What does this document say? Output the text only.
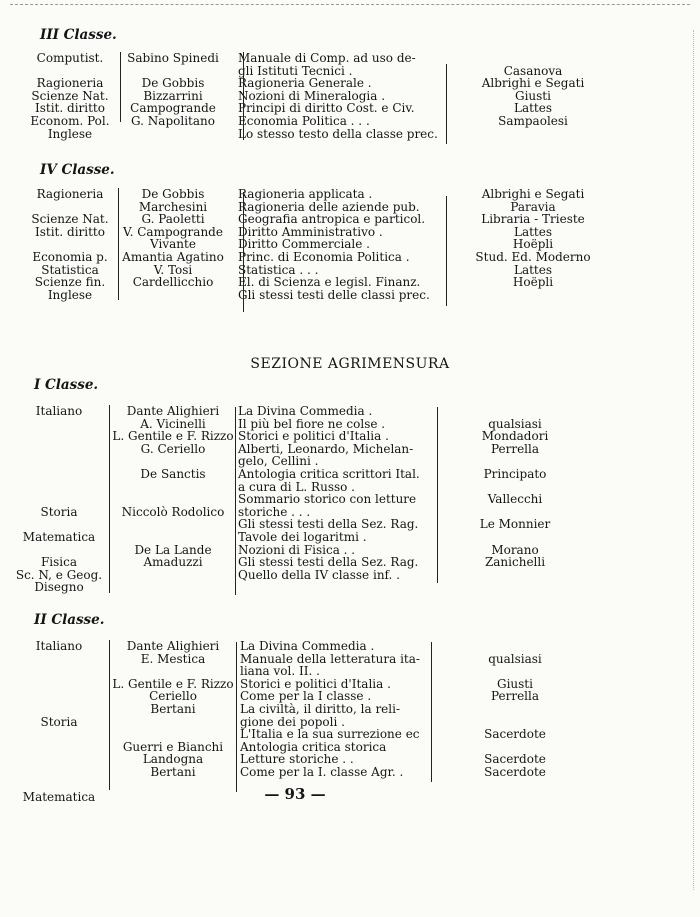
III Classe.
Computist.
Ragioneria
Scienze Nat.
Istit. diritto
Econom. Pol.
Inglese
Sabino Spinedi
De Gobbis
Bizzarrini
Campogrande
G. Napolitano
Manuale di Comp. ad uso de-
gli Istituti Tecnici .
Ragioneria Generale .
Nozioni di Mineralogia .
Principi di diritto Cost. e Civ.
Economia Politica . . .
Lo stesso testo della classe prec.
Casanova
Albrighi e Segati
Giusti
Lattes
Sampaolesi
IV Classe.
Ragioneria
Scienze Nat.
Istit. diritto
Economia p.
Statistica
Scienze fin.
Inglese
De Gobbis
Marchesini
G. Paoletti
V. Campogrande
Vivante
Amantia Agatino
V. Tosi
Cardellicchio
Ragioneria applicata .
Ragioneria delle aziende pub.
Geografia antropica e particol.
Diritto Amministrativo .
Diritto Commerciale .
Princ. di Economia Politica .
Statistica . . .
El. di Scienza e legisl. Finanz.
Gli stessi testi delle classi prec.
Albrighi e Segati
Paravia
Libraria - Trieste
Lattes
Hoëpli
Stud. Ed. Moderno
Lattes
Hoëpli
SEZIONE AGRIMENSURA
I Classe.
Italiano
Storia
Matematica
Fisica
Sc. N, e Geog.
Disegno
Dante Alighieri
A. Vicinelli
L. Gentile e F. Rizzo
G. Ceriello
De Sanctis
Niccolò Rodolico
De La Lande
Amaduzzi
La Divina Commedia .
Il più bel fiore ne colse .
Storici e politici d'Italia .
Alberti, Leonardo, Michelan-
gelo, Cellini .
Antologia critica scrittori Ital.
a cura di L. Russo .
Sommario storico con letture
storiche . . .
Gli stessi testi della Sez. Rag.
Tavole dei logaritmi .
Nozioni di Fisica . .
Gli stessi testi della Sez. Rag.
Quello della IV classe inf. .
qualsiasi
Mondadori
Perrella
Principato
Vallecchi
Le Monnier
Morano
Zanichelli
II Classe.
Italiano
Storia
Matematica
Dante Alighieri
E. Mestica
L. Gentile e F. Rizzo
Ceriello
Bertani
Guerri e Bianchi
Landogna
Bertani
La Divina Commedia .
Manuale della letteratura ita-
liana vol. II. .
Storici e politici d'Italia .
Come per la I classe .
La civiltà, il diritto, la reli-
gione dei popoli .
L'Italia e la sua surrezione ec
Antologia critica storica
Letture storiche . .
Come per la I. classe Agr. .
qualsiasi
Giusti
Perrella
Sacerdote
Sacerdote
Sacerdote
— 93 —
